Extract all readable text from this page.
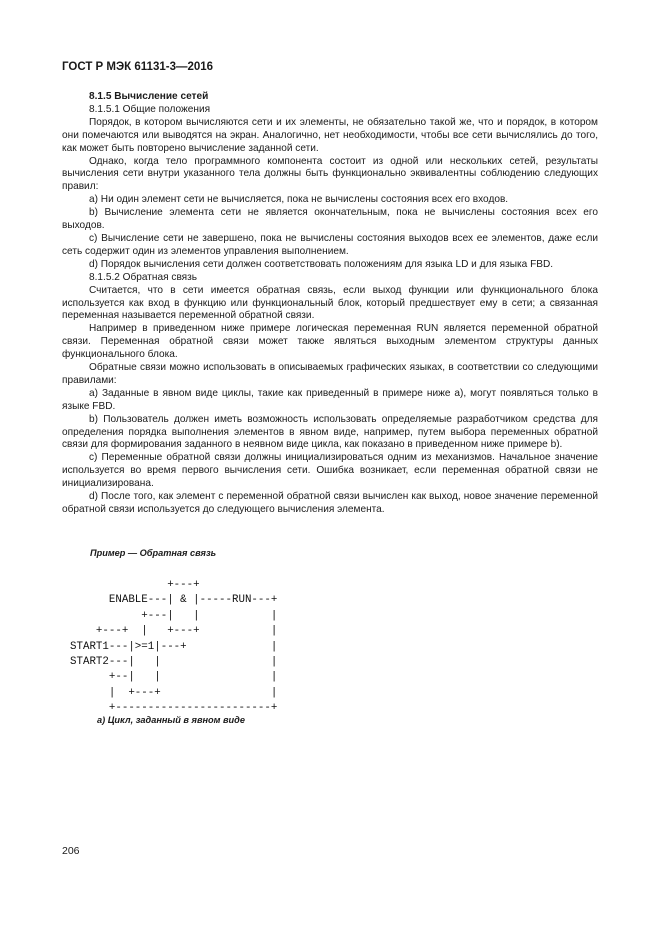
ГОСТ Р МЭК 61131-3—2016

8.1.5 Вычисление сетей

8.1.5.1 Общие положения

Порядок, в котором вычисляются сети и их элементы, не обязательно такой же, что и порядок, в котором они помечаются или выводятся на экран. Аналогично, нет необходимости, чтобы все сети вычислялись до того, как может быть повторено вычисление заданной сети.

Однако, когда тело программного компонента состоит из одной или нескольких сетей, результаты вычисления сети внутри указанного тела должны быть функционально эквивалентны соблюдению следующих правил:

а) Ни один элемент сети не вычисляется, пока не вычислены состояния всех его входов.

b) Вычисление элемента сети не является окончательным, пока не вычислены состояния всех его выходов.

с) Вычисление сети не завершено, пока не вычислены состояния выходов всех ее элементов, даже если сеть содержит один из элементов управления выполнением.

d) Порядок вычисления сети должен соответствовать положениям для языка LD и для языка FBD.

8.1.5.2 Обратная связь

Считается, что в сети имеется обратная связь, если выход функции или функционального блока используется как вход в функцию или функциональный блок, который предшествует ему в сети; а связанная переменная называется переменной обратной связи.

Например в приведенном ниже примере логическая переменная RUN является переменной обратной связи. Переменная обратной связи может также являться выходным элементом структуры данных функционального блока.

Обратные связи можно использовать в описываемых графических языках, в соответствии со следующими правилами:

а) Заданные в явном виде циклы, такие как приведенный в примере ниже а), могут появляться только в языке FBD.

b) Пользователь должен иметь возможность использовать определяемые разработчиком средства для определения порядка выполнения элементов в явном виде, например, путем выбора переменных обратной связи для формирования заданного в неявном виде цикла, как показано в приведенном ниже примере b).

с) Переменные обратной связи должны инициализироваться одним из механизмов. Начальное значение используется во время первого вычисления сети. Ошибка возникает, если переменная обратной связи не инициализирована.

d) После того, как элемент с переменной обратной связи вычислен как выход, новое значение переменной обратной связи используется до следующего вычисления элемента.

Пример — Обратная связь
+---+
ENABLE---| & |-----RUN---+
+---|   |           |
+---+  |   +---+           |
START1---|>=1|---+             |
START2---|   |                 |
+--|   |                 |
|  +---+                 |
+------------------------+
а) Цикл, заданный в явном виде
206
